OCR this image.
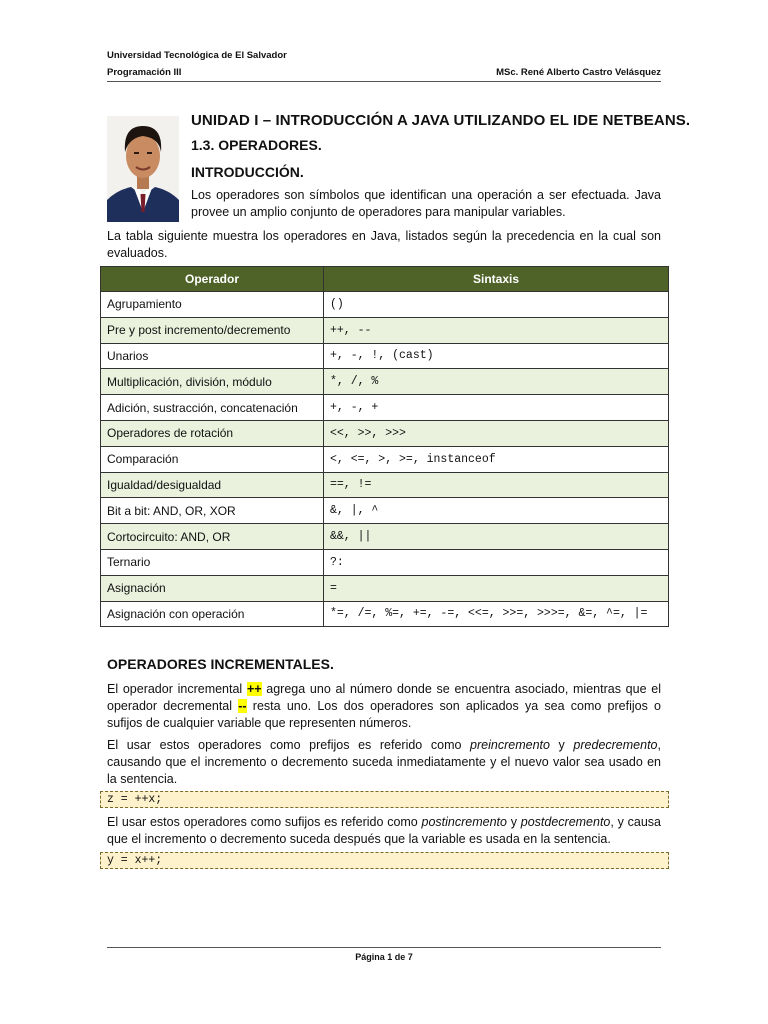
Universidad Tecnológica de El Salvador
Programación III	MSc. René Alberto Castro Velásquez
UNIDAD I – INTRODUCCIÓN A JAVA UTILIZANDO EL IDE NETBEANS.
1.3. OPERADORES.
INTRODUCCIÓN.
Los operadores son símbolos que identifican una operación a ser efectuada. Java provee un amplio conjunto de operadores para manipular variables.
La tabla siguiente muestra los operadores en Java, listados según la precedencia en la cual son evaluados.
Operador	Sintaxis
Agrupamiento	()
Pre y post incremento/decremento	++, --
Unarios	+, -, !, (cast)
Multiplicación, división, módulo	*, /, %
Adición, sustracción, concatenación	+, -, +
Operadores de rotación	<<, >>, >>>
Comparación	<, <=, >, >=, instanceof
Igualdad/desigualdad	==, !=
Bit a bit: AND, OR, XOR	&, |, ^
Cortocircuito: AND, OR	&&, ||
Ternario	?:
Asignación	=
Asignación con operación	*=, /=, %=, +=, -=, <<=, >>=, >>>=, &=, ^=, |=
OPERADORES INCREMENTALES.
El operador incremental ++ agrega uno al número donde se encuentra asociado, mientras que el operador decremental -- resta uno. Los dos operadores son aplicados ya sea como prefijos o sufijos de cualquier variable que representen números.
El usar estos operadores como prefijos es referido como preincremento y predecremento, causando que el incremento o decremento suceda inmediatamente y el nuevo valor sea usado en la sentencia.
z = ++x;
El usar estos operadores como sufijos es referido como postincremento y postdecremento, y causa que el incremento o decremento suceda después que la variable es usada en la sentencia.
y = x++;
Página 1 de 7
